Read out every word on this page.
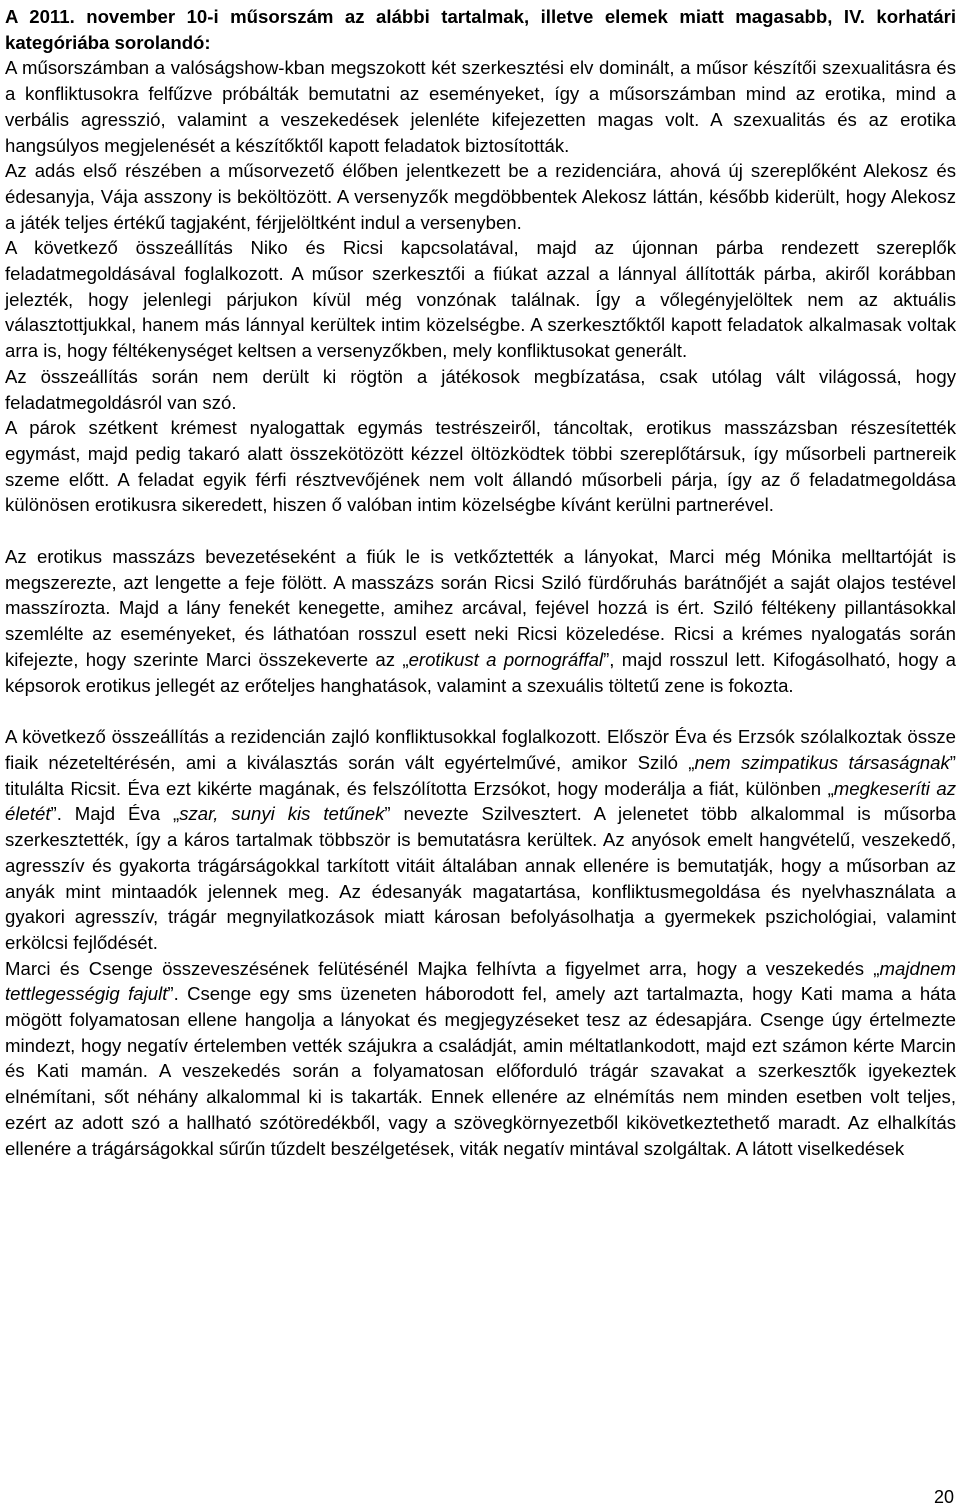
A 2011. november 10-i műsorszám az alábbi tartalmak, illetve elemek miatt magasabb, IV. korhatári kategóriába sorolandó:

A műsorszámban a valóságshow-kban megszokott két szerkesztési elv dominált, a műsor készítői szexualitásra és a konfliktusokra felfűzve próbálták bemutatni az eseményeket, így a műsorszámban mind az erotika, mind a verbális agresszió, valamint a veszekedések jelenléte kifejezetten magas volt. A szexualitás és az erotika hangsúlyos megjelenését a készítőktől kapott feladatok biztosították.

Az adás első részében a műsorvezető élőben jelentkezett be a rezidenciára, ahová új szereplőként Alekosz és édesanyja, Vája asszony is beköltözött. A versenyzők megdöbbentek Alekosz láttán, később kiderült, hogy Alekosz a játék teljes értékű tagjaként, férjjelöltként indul a versenyben.

A következő összeállítás Niko és Ricsi kapcsolatával, majd az újonnan párba rendezett szereplők feladatmegoldásával foglalkozott. A műsor szerkesztői a fiúkat azzal a lánnyal állították párba, akiről korábban jelezték, hogy jelenlegi párjukon kívül még vonzónak találnak. Így a vőlegényjelöltek nem az aktuális választottjukkal, hanem más lánnyal kerültek intim közelségbe. A szerkesztőktől kapott feladatok alkalmasak voltak arra is, hogy féltékenységet keltsen a versenyzőkben, mely konfliktusokat generált.

Az összeállítás során nem derült ki rögtön a játékosok megbízatása, csak utólag vált világossá, hogy feladatmegoldásról van szó.

A párok szétkent krémest nyalogattak egymás testrészeiről, táncoltak, erotikus masszázsban részesítették egymást, majd pedig takaró alatt összekötözött kézzel öltözködtek többi szereplőtársuk, így műsorbeli partnereik szeme előtt. A feladat egyik férfi résztvevőjének nem volt állandó műsorbeli párja, így az ő feladatmegoldása különösen erotikusra sikeredett, hiszen ő valóban intim közelségbe kívánt kerülni partnerével.

Az erotikus masszázs bevezetéseként a fiúk le is vetkőztették a lányokat, Marci még Mónika melltartóját is megszerezte, azt lengette a feje fölött. A masszázs során Ricsi Sziló fürdőruhás barátnőjét a saját olajos testével masszírozta. Majd a lány fenekét kenegette, amihez arcával, fejével hozzá is ért. Sziló féltékeny pillantásokkal szemlélte az eseményeket, és láthatóan rosszul esett neki Ricsi közeledése. Ricsi a krémes nyalogatás során kifejezte, hogy szerinte Marci összekeverte az „erotikust a pornográffal”, majd rosszul lett. Kifogásolható, hogy a képsorok erotikus jellegét az erőteljes hanghatások, valamint a szexuális töltetű zene is fokozta.

A következő összeállítás a rezidencián zajló konfliktusokkal foglalkozott. Először Éva és Erzsók szólalkoztak össze fiaik nézeteltérésén, ami a kiválasztás során vált egyértelművé, amikor Sziló „nem szimpatikus társaságnak” titulálta Ricsit. Éva ezt kikérte magának, és felszólította Erzsókot, hogy moderálja a fiát, különben „megkeseríti az életét”. Majd Éva „szar, sunyi kis tetűnek” nevezte Szilvesztert. A jelenetet több alkalommal is műsorba szerkesztették, így a káros tartalmak többször is bemutatásra kerültek. Az anyósok emelt hangvételű, veszekedő, agresszív és gyakorta trágárságokkal tarkított vitáit általában annak ellenére is bemutatják, hogy a műsorban az anyák mint mintaadók jelennek meg. Az édesanyák magatartása, konfliktusmegoldása és nyelvhasználata a gyakori agresszív, trágár megnyilatkozások miatt károsan befolyásolhatja a gyermekek pszichológiai, valamint erkölcsi fejlődését.

Marci és Csenge összeveszésének felütésénél Majka felhívta a figyelmet arra, hogy a veszekedés „majdnem tettlegességig fajult”. Csenge egy sms üzeneten háborodott fel, amely azt tartalmazta, hogy Kati mama a háta mögött folyamatosan ellene hangolja a lányokat és megjegyzéseket tesz az édesapjára. Csenge úgy értelmezte mindezt, hogy negatív értelemben vették szájukra a családját, amin méltatlankodott, majd ezt számon kérte Marcin és Kati mamán. A veszekedés során a folyamatosan előforduló trágár szavakat a szerkesztők igyekeztek elnémítani, sőt néhány alkalommal ki is takarták. Ennek ellenére az elnémítás nem minden esetben volt teljes, ezért az adott szó a hallható szótöredékből, vagy a szövegkörnyezetből kikövetkeztethető maradt. Az elhalkítás ellenére a trágárságokkal sűrűn tűzdelt beszélgetések, viták negatív mintával szolgáltak. A látott viselkedések

20
